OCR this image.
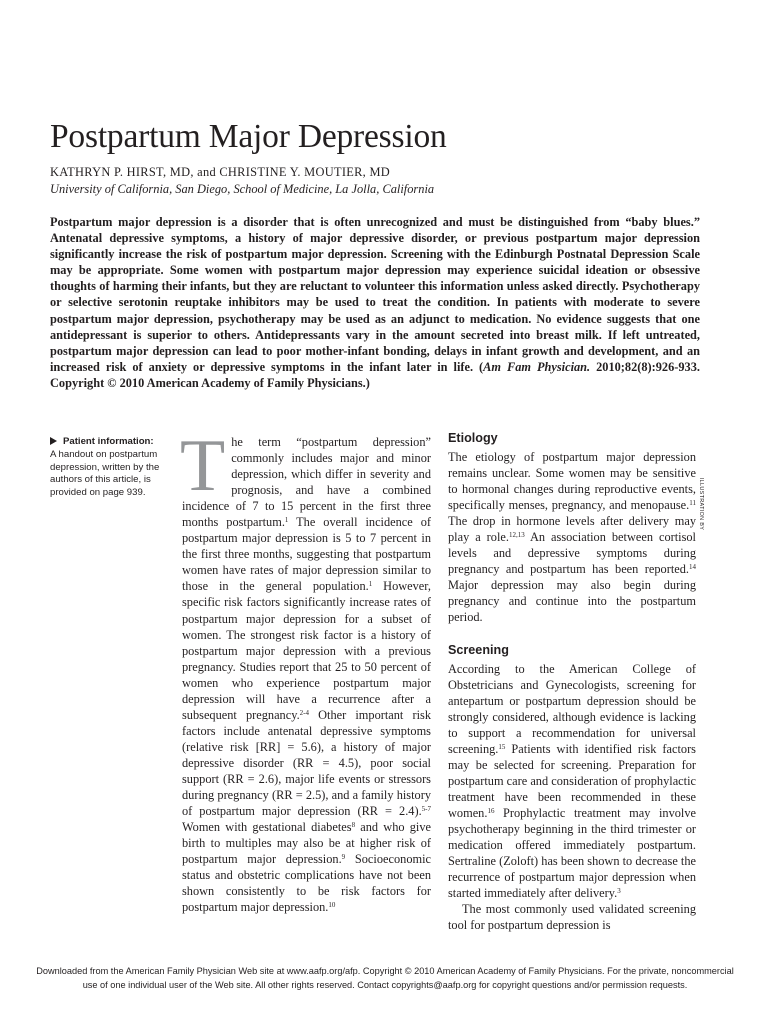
Postpartum Major Depression
KATHRYN P. HIRST, MD, and CHRISTINE Y. MOUTIER, MD
University of California, San Diego, School of Medicine, La Jolla, California
Postpartum major depression is a disorder that is often unrecognized and must be distinguished from “baby blues.” Antenatal depressive symptoms, a history of major depressive disorder, or previous postpartum major depression significantly increase the risk of postpartum major depression. Screening with the Edinburgh Postnatal Depression Scale may be appropriate. Some women with postpartum major depression may experience suicidal ideation or obsessive thoughts of harming their infants, but they are reluctant to volunteer this information unless asked directly. Psychotherapy or selective serotonin reuptake inhibitors may be used to treat the condition. In patients with moderate to severe postpartum major depression, psychotherapy may be used as an adjunct to medication. No evidence suggests that one antidepressant is superior to others. Antidepressants vary in the amount secreted into breast milk. If left untreated, postpartum major depression can lead to poor mother-infant bonding, delays in infant growth and development, and an increased risk of anxiety or depressive symptoms in the infant later in life. (Am Fam Physician. 2010;82(8):926-933. Copyright © 2010 American Academy of Family Physicians.)
Patient information:
A handout on postpartum depression, written by the authors of this article, is provided on page 939. T he term “postpartum depression” commonly includes major and minor depression, which differ in severity and prognosis, and have a combined incidence of 7 to 15 percent in the first three months postpartum.$^1$ The overall incidence of postpartum major depression is 5 to 7 percent in the first three months, suggesting that postpartum women have rates of major depression similar to those in the general population.$^1$ However, specific risk factors significantly increase rates of postpartum major depression for a subset of women. The strongest risk factor is a history of postpartum major depression with a previous pregnancy. Studies report that 25 to 50 percent of women who experience postpartum major depression will have a recurrence after a subsequent pregnancy.$^{2-4}$ Other important risk factors include antenatal depressive symptoms (relative risk [RR] = 5.6), a history of major depressive disorder (RR = 4.5), poor social support (RR = 2.6), major life events or stressors during pregnancy (RR = 2.5), and a family history of postpartum major depression (RR = 2.4).$^{5-7}$ Women with gestational diabetes$^8$ and who give birth to multiples may also be at higher risk of postpartum major depression.$^9$ Socioeconomic status and obstetric complications have not been shown consistently to be risk factors for postpartum major depression.$^{10}$

Etiology

The etiology of postpartum major depression remains unclear. Some women may be sensitive to hormonal changes during reproductive events, specifically menses, pregnancy, and menopause.$^{11}$ The drop in hormone levels after delivery may play a role.$^{12,13}$ An association between cortisol levels and depressive symptoms during pregnancy and postpartum has been reported.$^{14}$ Major depression may also begin during pregnancy and continue into the postpartum period.

Screening

According to the American College of Obstetricians and Gynecologists, screening for antepartum or postpartum depression should be strongly considered, although evidence is lacking to support a recommendation for universal screening.$^{15}$ Patients with identified risk factors may be selected for screening. Preparation for postpartum care and consideration of prophylactic treatment have been recommended in these women.$^{16}$ Prophylactic treatment may involve psychotherapy beginning in the third trimester or medication offered immediately postpartum. Sertraline (Zoloft) has been shown to decrease the recurrence of postpartum major depression when started immediately after delivery.$^3$

The most commonly used validated screening tool for postpartum depression is

ILLUSTRATION BY
Downloaded from the American Family Physician Web site at www.aafp.org/afp. Copyright © 2010 American Academy of Family Physicians. For the private, noncommercial
use of one individual user of the Web site. All other rights reserved. Contact copyrights@aafp.org for copyright questions and/or permission requests.
